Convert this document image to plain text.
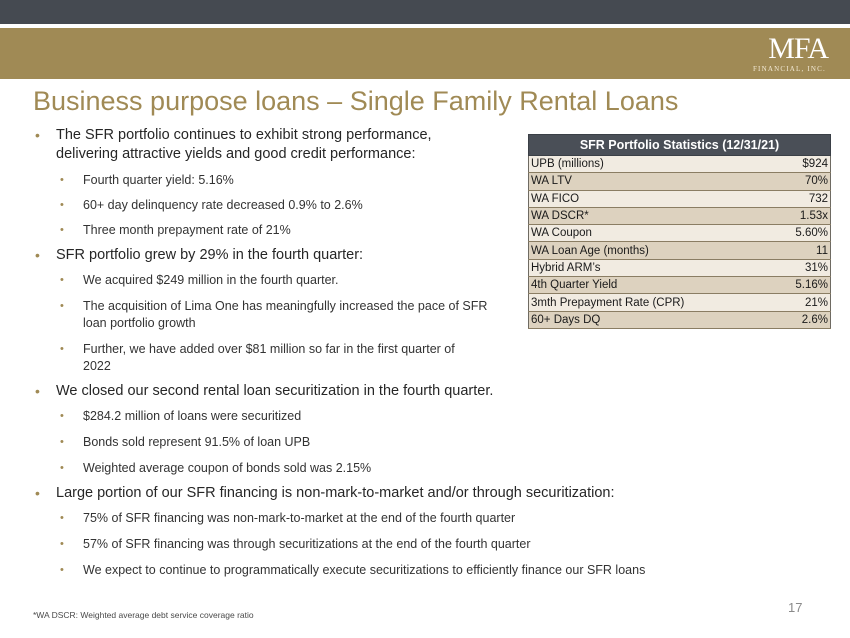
MFA
FINANCIAL, INC.
Business purpose loans – Single Family Rental Loans
• The SFR portfolio continues to exhibit strong performance, delivering attractive yields and good credit performance:
• Fourth quarter yield: 5.16%
• 60+ day delinquency rate decreased 0.9% to 2.6%
• Three month prepayment rate of 21%
• SFR portfolio grew by 29% in the fourth quarter:
• We acquired $249 million in the fourth quarter.
• The acquisition of Lima One has meaningfully increased the pace of SFR loan portfolio growth
• Further, we have added over $81 million so far in the first quarter of 2022
• We closed our second rental loan securitization in the fourth quarter.
• $284.2 million of loans were securitized
• Bonds sold represent 91.5% of loan UPB
• Weighted average coupon of bonds sold was 2.15%
• Large portion of our SFR financing is non-mark-to-market and/or through securitization:
• 75% of SFR financing was non-mark-to-market at the end of the fourth quarter
• 57% of SFR financing was through securitizations at the end of the fourth quarter
• We expect to continue to programmatically execute securitizations to efficiently finance our SFR loans
SFR Portfolio Statistics (12/31/21)	
UPB (millions)	$924
WA LTV	70%
WA FICO	732
WA DSCR*	1.53x
WA Coupon	5.60%
WA Loan Age (months)	11
Hybrid ARM’s	31%
4th Quarter Yield	5.16%
3mth Prepayment Rate (CPR)	21%
60+ Days DQ	2.6%
17
*WA DSCR: Weighted average debt service coverage ratio
